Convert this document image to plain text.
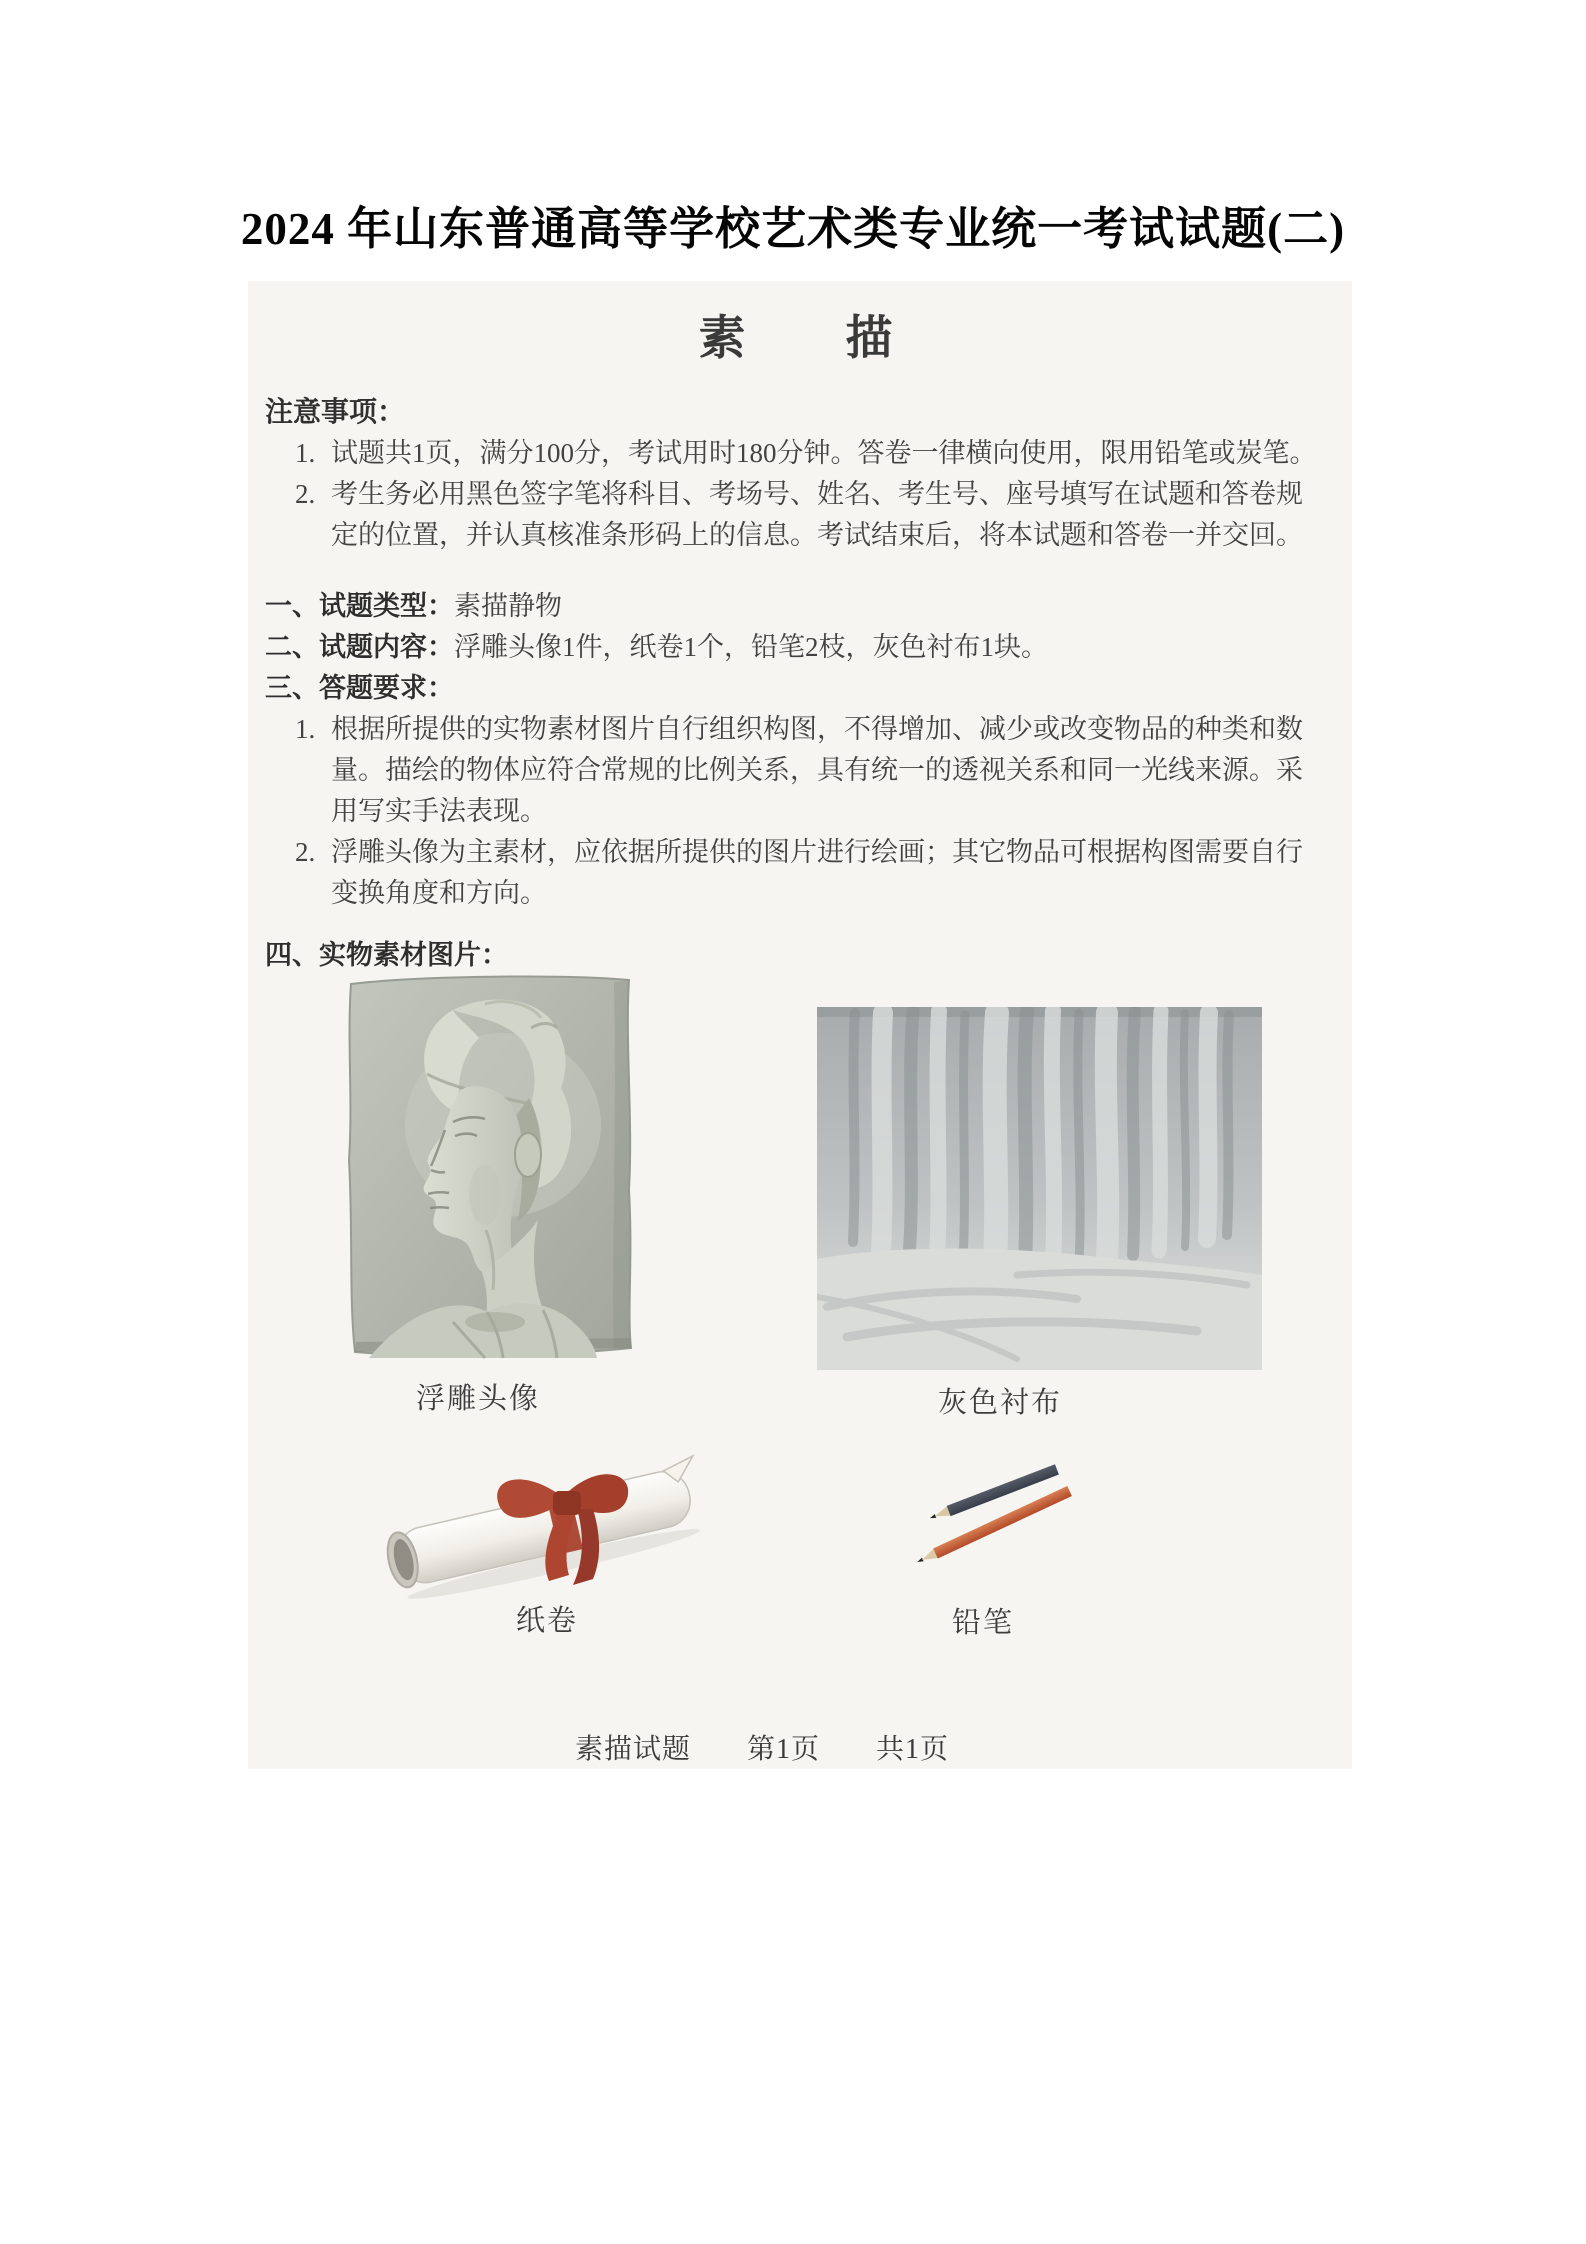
2024 年山东普通高等学校艺术类专业统一考试试题(二)
素　　描
注意事项：
1. 试题共1页，满分100分，考试用时180分钟。答卷一律横向使用，限用铅笔或炭笔。
2. 考生务必用黑色签字笔将科目、考场号、姓名、考生号、座号填写在试题和答卷规定的位置，并认真核准条形码上的信息。考试结束后，将本试题和答卷一并交回。
一、试题类型：素描静物
二、试题内容：浮雕头像1件，纸卷1个，铅笔2枝，灰色衬布1块。
三、答题要求：
1. 根据所提供的实物素材图片自行组织构图，不得增加、减少或改变物品的种类和数量。描绘的物体应符合常规的比例关系，具有统一的透视关系和同一光线来源。采用写实手法表现。
2. 浮雕头像为主素材，应依据所提供的图片进行绘画；其它物品可根据构图需要自行变换角度和方向。
四、实物素材图片：
浮雕头像	灰色衬布
纸卷	铅笔
素描试题 第1页 共1页
